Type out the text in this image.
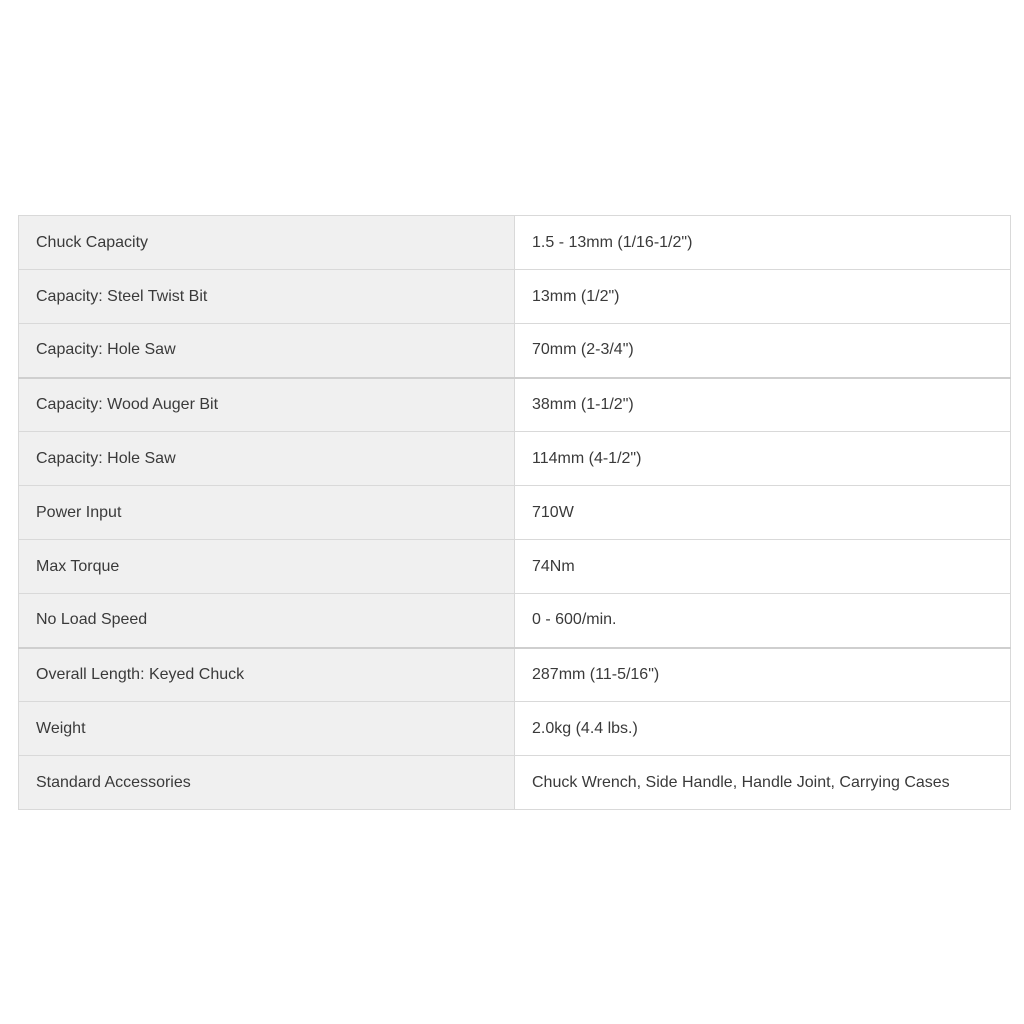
Chuck Capacity	1.5 - 13mm (1/16-1/2")
Capacity: Steel Twist Bit	13mm (1/2")
Capacity: Hole Saw	70mm (2-3/4")
Capacity: Wood Auger Bit	38mm (1-1/2")
Capacity: Hole Saw	114mm (4-1/2")
Power Input	710W
Max Torque	74Nm
No Load Speed	0 - 600/min.
Overall Length: Keyed Chuck	287mm (11-5/16")
Weight	2.0kg (4.4 lbs.)
Standard Accessories	Chuck Wrench, Side Handle, Handle Joint, Carrying Cases
